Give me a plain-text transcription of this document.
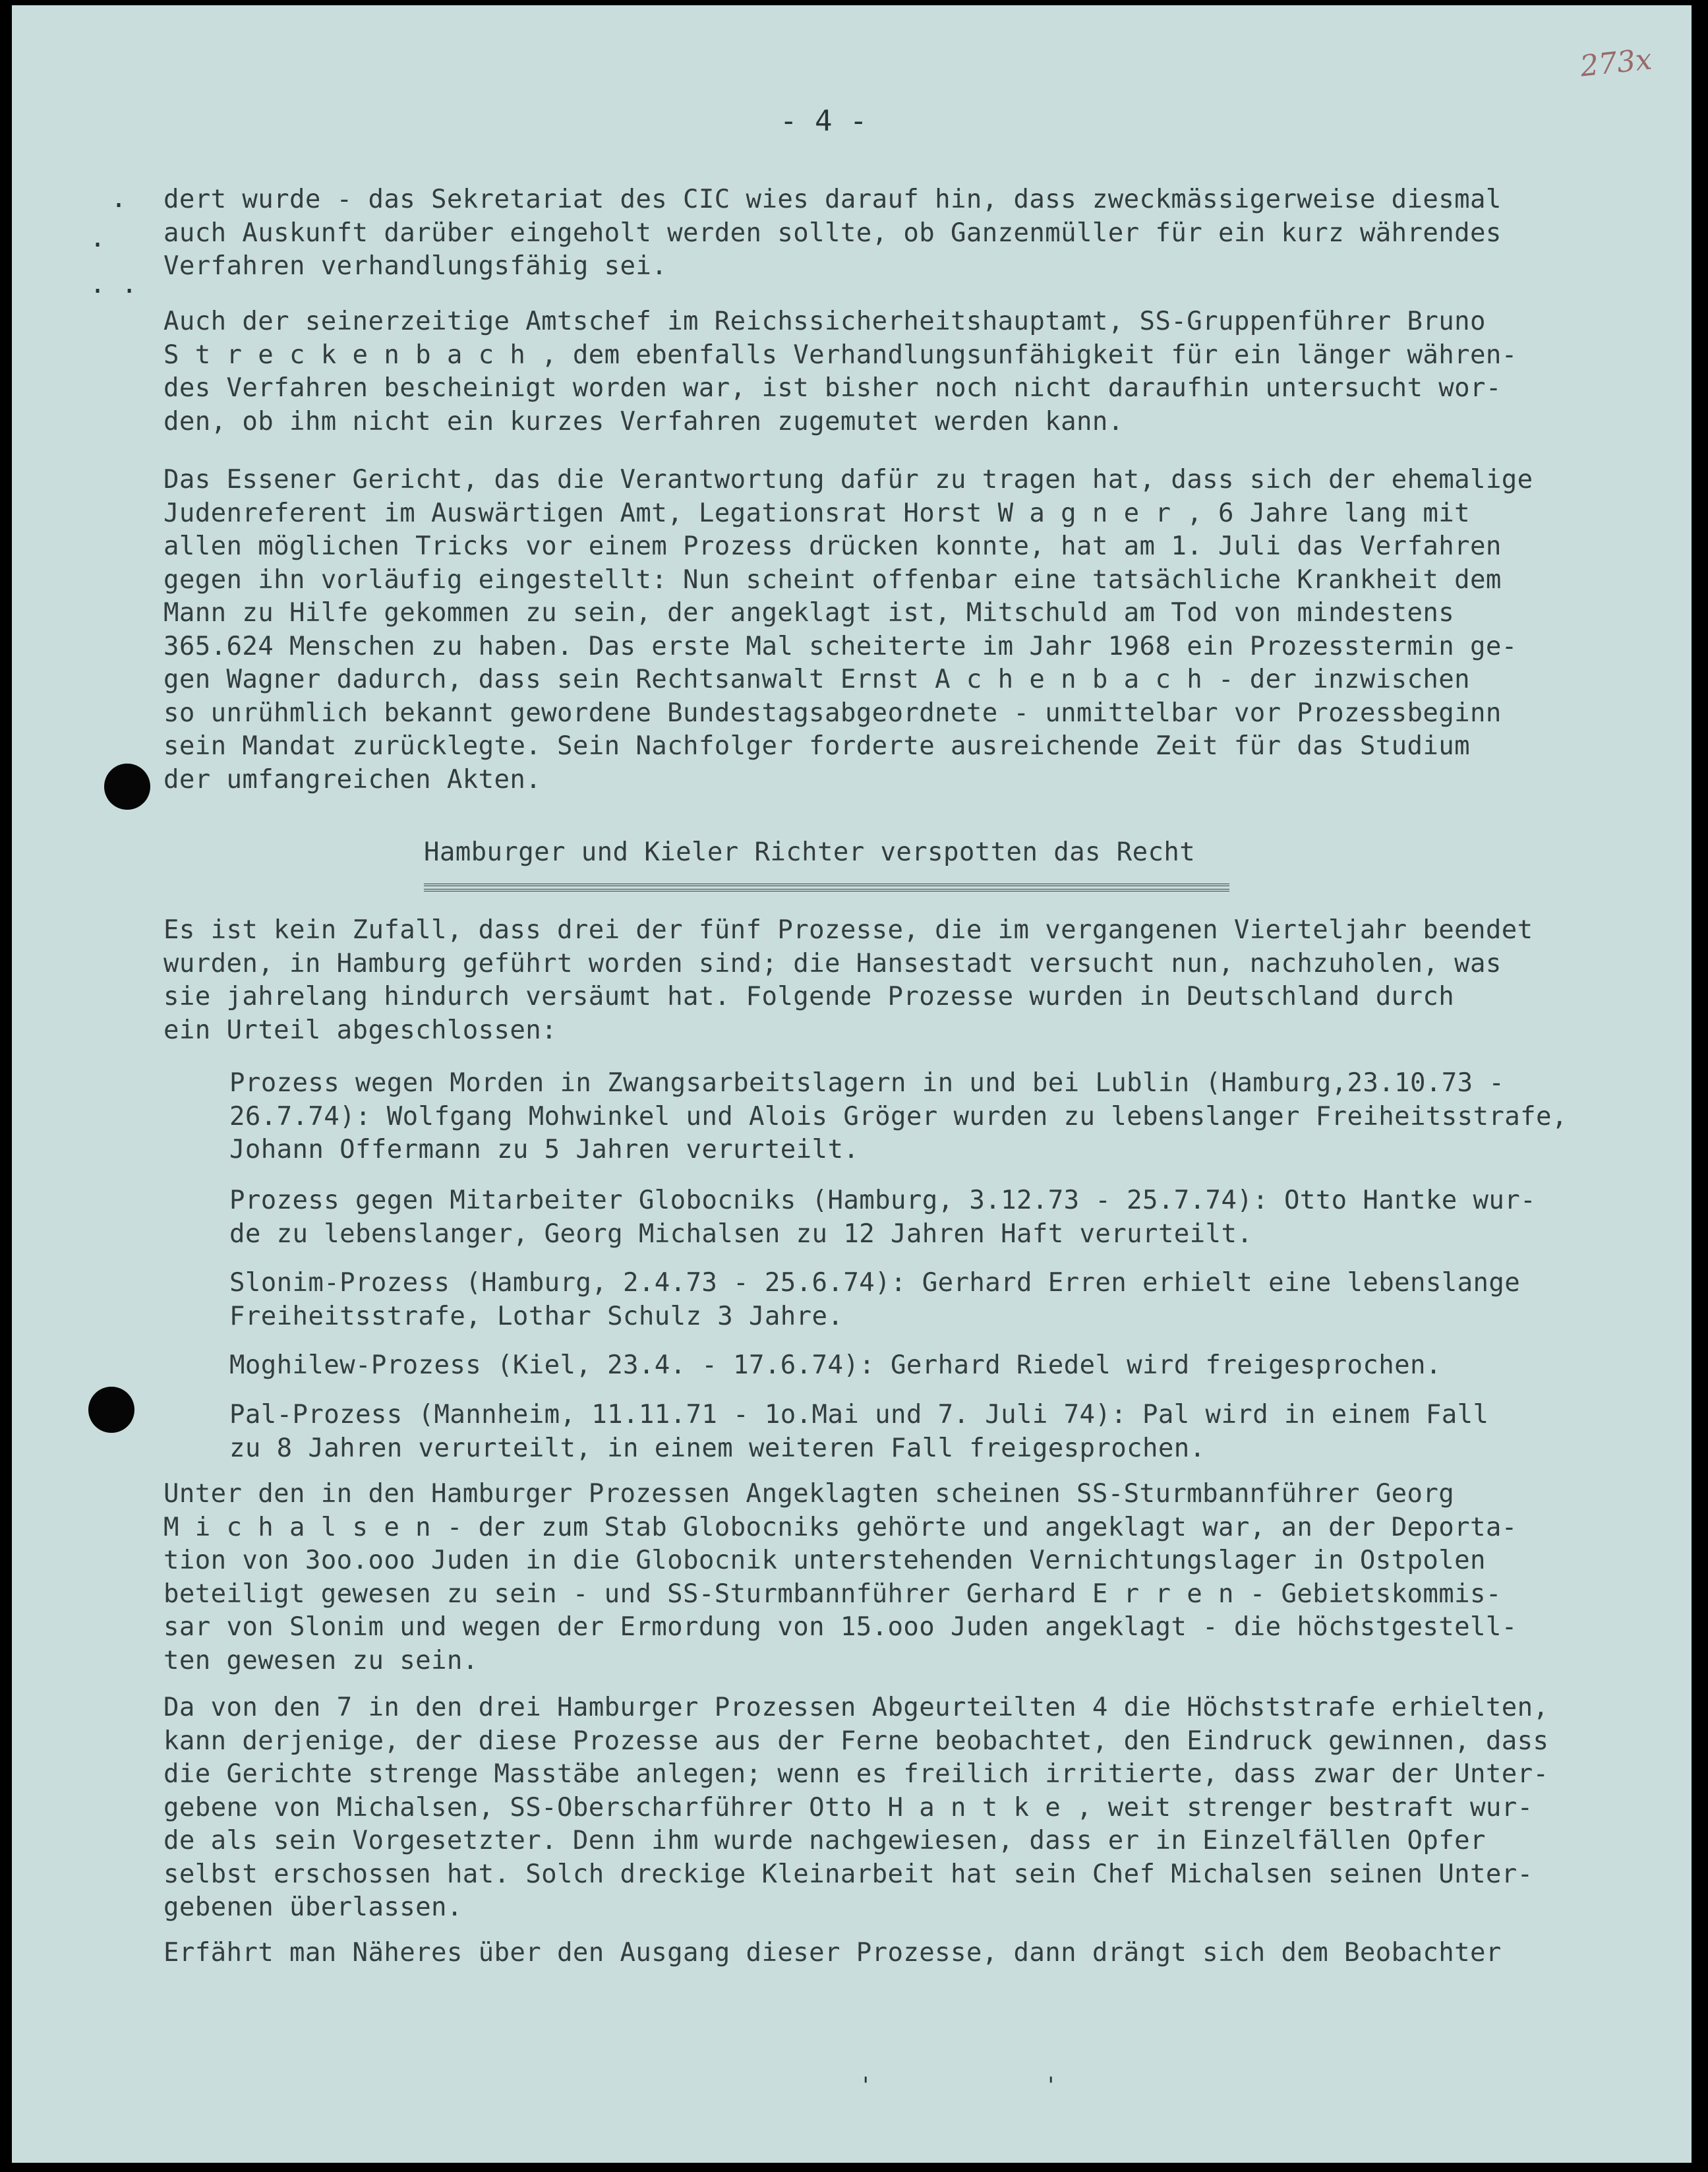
273x
- 4 -
.
.
. .
dert wurde - das Sekretariat des CIC wies darauf hin, dass zweckmässigerweise diesmal
auch Auskunft darüber eingeholt werden sollte, ob Ganzenmüller für ein kurz währendes
Verfahren verhandlungsfähig sei.
Auch der seinerzeitige Amtschef im Reichssicherheitshauptamt, SS-Gruppenführer Bruno
S t r e c k e n b a c h , dem ebenfalls Verhandlungsunfähigkeit für ein länger währen-
des Verfahren bescheinigt worden war, ist bisher noch nicht daraufhin untersucht wor-
den, ob ihm nicht ein kurzes Verfahren zugemutet werden kann.
Das Essener Gericht, das die Verantwortung dafür zu tragen hat, dass sich der ehemalige
Judenreferent im Auswärtigen Amt, Legationsrat Horst W a g n e r , 6 Jahre lang mit
allen möglichen Tricks vor einem Prozess drücken konnte, hat am 1. Juli das Verfahren
gegen ihn vorläufig eingestellt: Nun scheint offenbar eine tatsächliche Krankheit dem
Mann zu Hilfe gekommen zu sein, der angeklagt ist, Mitschuld am Tod von mindestens
365.624 Menschen zu haben. Das erste Mal scheiterte im Jahr 1968 ein Prozesstermin ge-
gen Wagner dadurch, dass sein Rechtsanwalt Ernst A c h e n b a c h - der inzwischen
so unrühmlich bekannt gewordene Bundestagsabgeordnete - unmittelbar vor Prozessbeginn
sein Mandat zurücklegte. Sein Nachfolger forderte ausreichende Zeit für das Studium
der umfangreichen Akten.
Hamburger und Kieler Richter verspotten das Recht
Es ist kein Zufall, dass drei der fünf Prozesse, die im vergangenen Vierteljahr beendet
wurden, in Hamburg geführt worden sind; die Hansestadt versucht nun, nachzuholen, was
sie jahrelang hindurch versäumt hat. Folgende Prozesse wurden in Deutschland durch
ein Urteil abgeschlossen:
Prozess wegen Morden in Zwangsarbeitslagern in und bei Lublin (Hamburg,23.10.73 -
26.7.74): Wolfgang Mohwinkel und Alois Gröger wurden zu lebenslanger Freiheitsstrafe,
Johann Offermann zu 5 Jahren verurteilt.
Prozess gegen Mitarbeiter Globocniks (Hamburg, 3.12.73 - 25.7.74): Otto Hantke wur-
de zu lebenslanger, Georg Michalsen zu 12 Jahren Haft verurteilt.
Slonim-Prozess (Hamburg, 2.4.73 - 25.6.74): Gerhard Erren erhielt eine lebenslange
Freiheitsstrafe, Lothar Schulz 3 Jahre.
Moghilew-Prozess (Kiel, 23.4. - 17.6.74): Gerhard Riedel wird freigesprochen.
Pal-Prozess (Mannheim, 11.11.71 - 1o.Mai und 7. Juli 74): Pal wird in einem Fall
zu 8 Jahren verurteilt, in einem weiteren Fall freigesprochen.
Unter den in den Hamburger Prozessen Angeklagten scheinen SS-Sturmbannführer Georg
M i c h a l s e n - der zum Stab Globocniks gehörte und angeklagt war, an der Deporta-
tion von 3oo.ooo Juden in die Globocnik unterstehenden Vernichtungslager in Ostpolen
beteiligt gewesen zu sein - und SS-Sturmbannführer Gerhard E r r e n - Gebietskommis-
sar von Slonim und wegen der Ermordung von 15.ooo Juden angeklagt - die höchstgestell-
ten gewesen zu sein.
Da von den 7 in den drei Hamburger Prozessen Abgeurteilten 4 die Höchststrafe erhielten,
kann derjenige, der diese Prozesse aus der Ferne beobachtet, den Eindruck gewinnen, dass
die Gerichte strenge Masstäbe anlegen; wenn es freilich irritierte, dass zwar der Unter-
gebene von Michalsen, SS-Oberscharführer Otto H a n t k e , weit strenger bestraft wur-
de als sein Vorgesetzter. Denn ihm wurde nachgewiesen, dass er in Einzelfällen Opfer
selbst erschossen hat. Solch dreckige Kleinarbeit hat sein Chef Michalsen seinen Unter-
gebenen überlassen.
Erfährt man Näheres über den Ausgang dieser Prozesse, dann drängt sich dem Beobachter
' '
